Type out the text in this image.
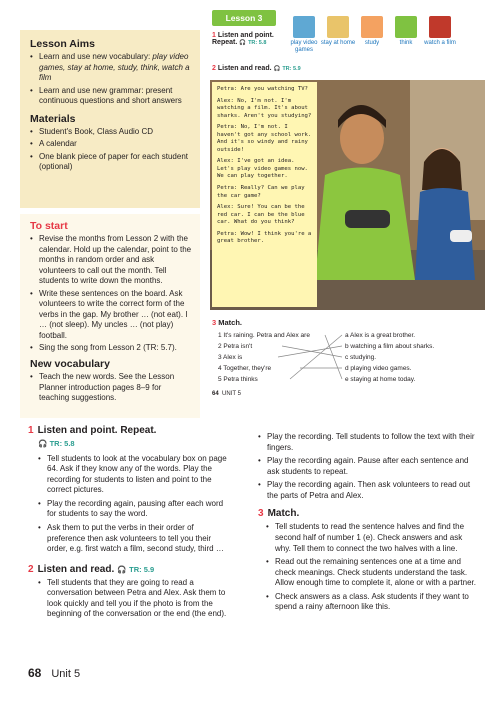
Lesson Aims
• Learn and use new vocabulary: play video games, stay at home, study, think, watch a film
• Learn and use new grammar: present continuous questions and short answers
Materials
• Student's Book, Class Audio CD
• A calendar
• One blank piece of paper for each student (optional)
To start
• Revise the months from Lesson 2 with the calendar. Hold up the calendar, point to the months in random order and ask volunteers to call out the month. Tell students to write down the months.
• Write these sentences on the board. Ask volunteers to write the correct form of the verbs in the gap. My brother … (not eat). I … (not sleep). My uncles … (not play) football.
• Sing the song from Lesson 2 (TR: 5.7).
New vocabulary
• Teach the new words. See the Lesson Planner introduction pages 8–9 for teaching suggestions.
Lesson 3
1 Listen and point. Repeat. 🎧 TR: 5.8
2 Listen and read. 🎧 TR: 5.9
play video games
stay at home	study	think	watch a film

Petra: Are you watching TV?

Alex: No, I'm not. I'm watching a film. It's about sharks. Aren't you studying?

Petra: No, I'm not. I haven't got any school work. And it's so windy and rainy outside!

Alex: I've got an idea. Let's play video games now. We can play together.

Petra: Really? Can we play the car game?

Alex: Sure! You can be the red car. I can be the blue car. What do you think?

Petra: Wow! I think you're a great brother.

3 Match.
1 It's raining. Petra and Alex are
2 Petra isn't
3 Alex is
4 Together, they're
5 Petra thinks
a Alex is a great brother.
b watching a film about sharks.
c studying.
d playing video games.
e staying at home today.
64 UNIT 5
1 Listen and point. Repeat.
🎧 TR: 5.8
• Tell students to look at the vocabulary box on page 64. Ask if they know any of the words. Play the recording for students to listen and point to the correct pictures.
• Play the recording again, pausing after each word for students to say the word.
• Ask them to put the verbs in their order of preference then ask volunteers to tell you their order, e.g. first watch a film, second study, third …
2 Listen and read. 🎧 TR: 5.9
• Tell students that they are going to read a conversation between Petra and Alex. Ask them to look quickly and tell you if the photo is from the beginning of the conversation or the end (the end).
• Play the recording. Tell students to follow the text with their fingers.
• Play the recording again. Pause after each sentence and ask students to repeat.
• Play the recording again. Then ask volunteers to read out the parts of Petra and Alex.
3 Match.
• Tell students to read the sentence halves and find the second half of number 1 (e). Check answers and ask why. Tell them to connect the two halves with a line.
• Read out the remaining sentences one at a time and check meanings. Check students understand the task. Allow enough time to complete it, alone or with a partner.
• Check answers as a class. Ask students if they want to spend a rainy afternoon like this.
68 Unit 5
